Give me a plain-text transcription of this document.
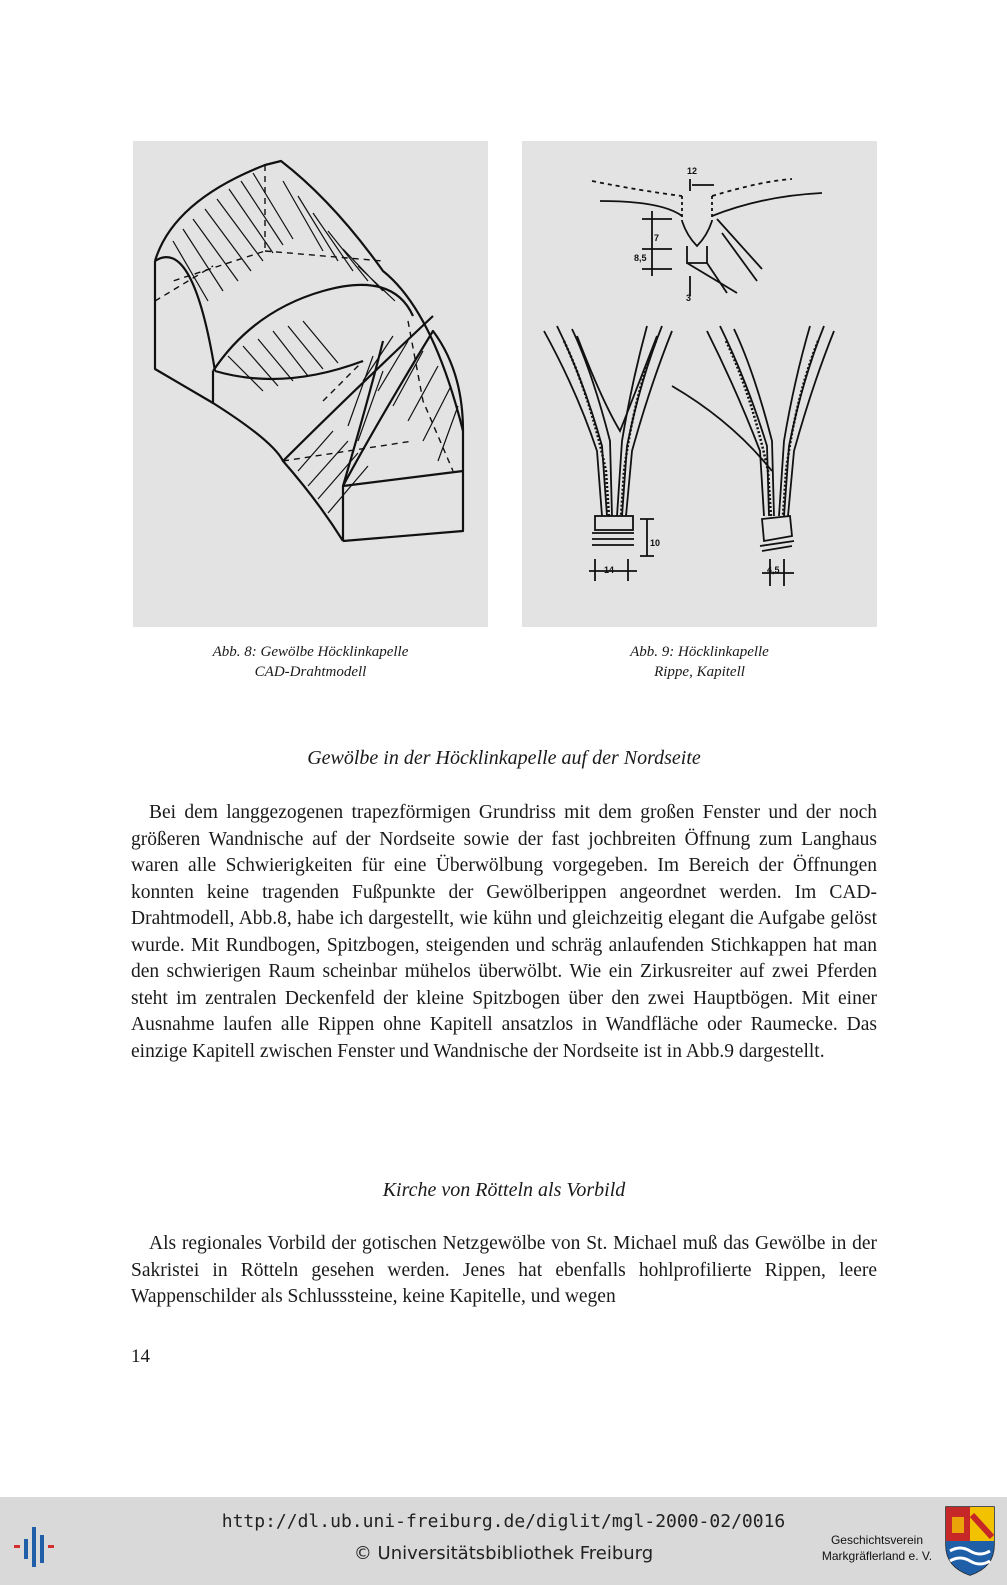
Abb. 8: Gewölbe Höcklinkapelle
CAD-Drahtmodell
12
7
8,5
3
10
14	4,5
Abb. 9: Höcklinkapelle
Rippe, Kapitell
Gewölbe in der Höcklinkapelle auf der Nordseite

Bei dem langgezogenen trapezförmigen Grundriss mit dem großen Fenster und der noch größeren Wandnische auf der Nordseite sowie der fast jochbreiten Öffnung zum Langhaus waren alle Schwierigkeiten für eine Überwölbung vorgegeben. Im Bereich der Öffnungen konnten keine tragenden Fußpunkte der Gewölberippen angeordnet werden. Im CAD-Drahtmodell, Abb.8, habe ich dargestellt, wie kühn und gleichzeitig elegant die Aufgabe gelöst wurde. Mit Rundbogen, Spitzbogen, steigenden und schräg anlaufenden Stichkappen hat man den schwierigen Raum scheinbar mühelos überwölbt. Wie ein Zirkusreiter auf zwei Pferden steht im zentralen Deckenfeld der kleine Spitzbogen über den zwei Hauptbögen. Mit einer Ausnahme laufen alle Rippen ohne Kapitell ansatzlos in Wandfläche oder Raumecke. Das einzige Kapitell zwischen Fenster und Wandnische der Nordseite ist in Abb.9 dargestellt.

Kirche von Rötteln als Vorbild

Als regionales Vorbild der gotischen Netzgewölbe von St. Michael muß das Gewölbe in der Sakristei in Rötteln gesehen werden. Jenes hat ebenfalls hohlprofilierte Rippen, leere Wappenschilder als Schlusssteine, keine Kapitelle, und wegen

14
http://dl.ub.uni-freiburg.de/diglit/mgl-2000-02/0016
© Universitätsbibliothek Freiburg
Geschichtsverein
Markgräflerland e. V.
